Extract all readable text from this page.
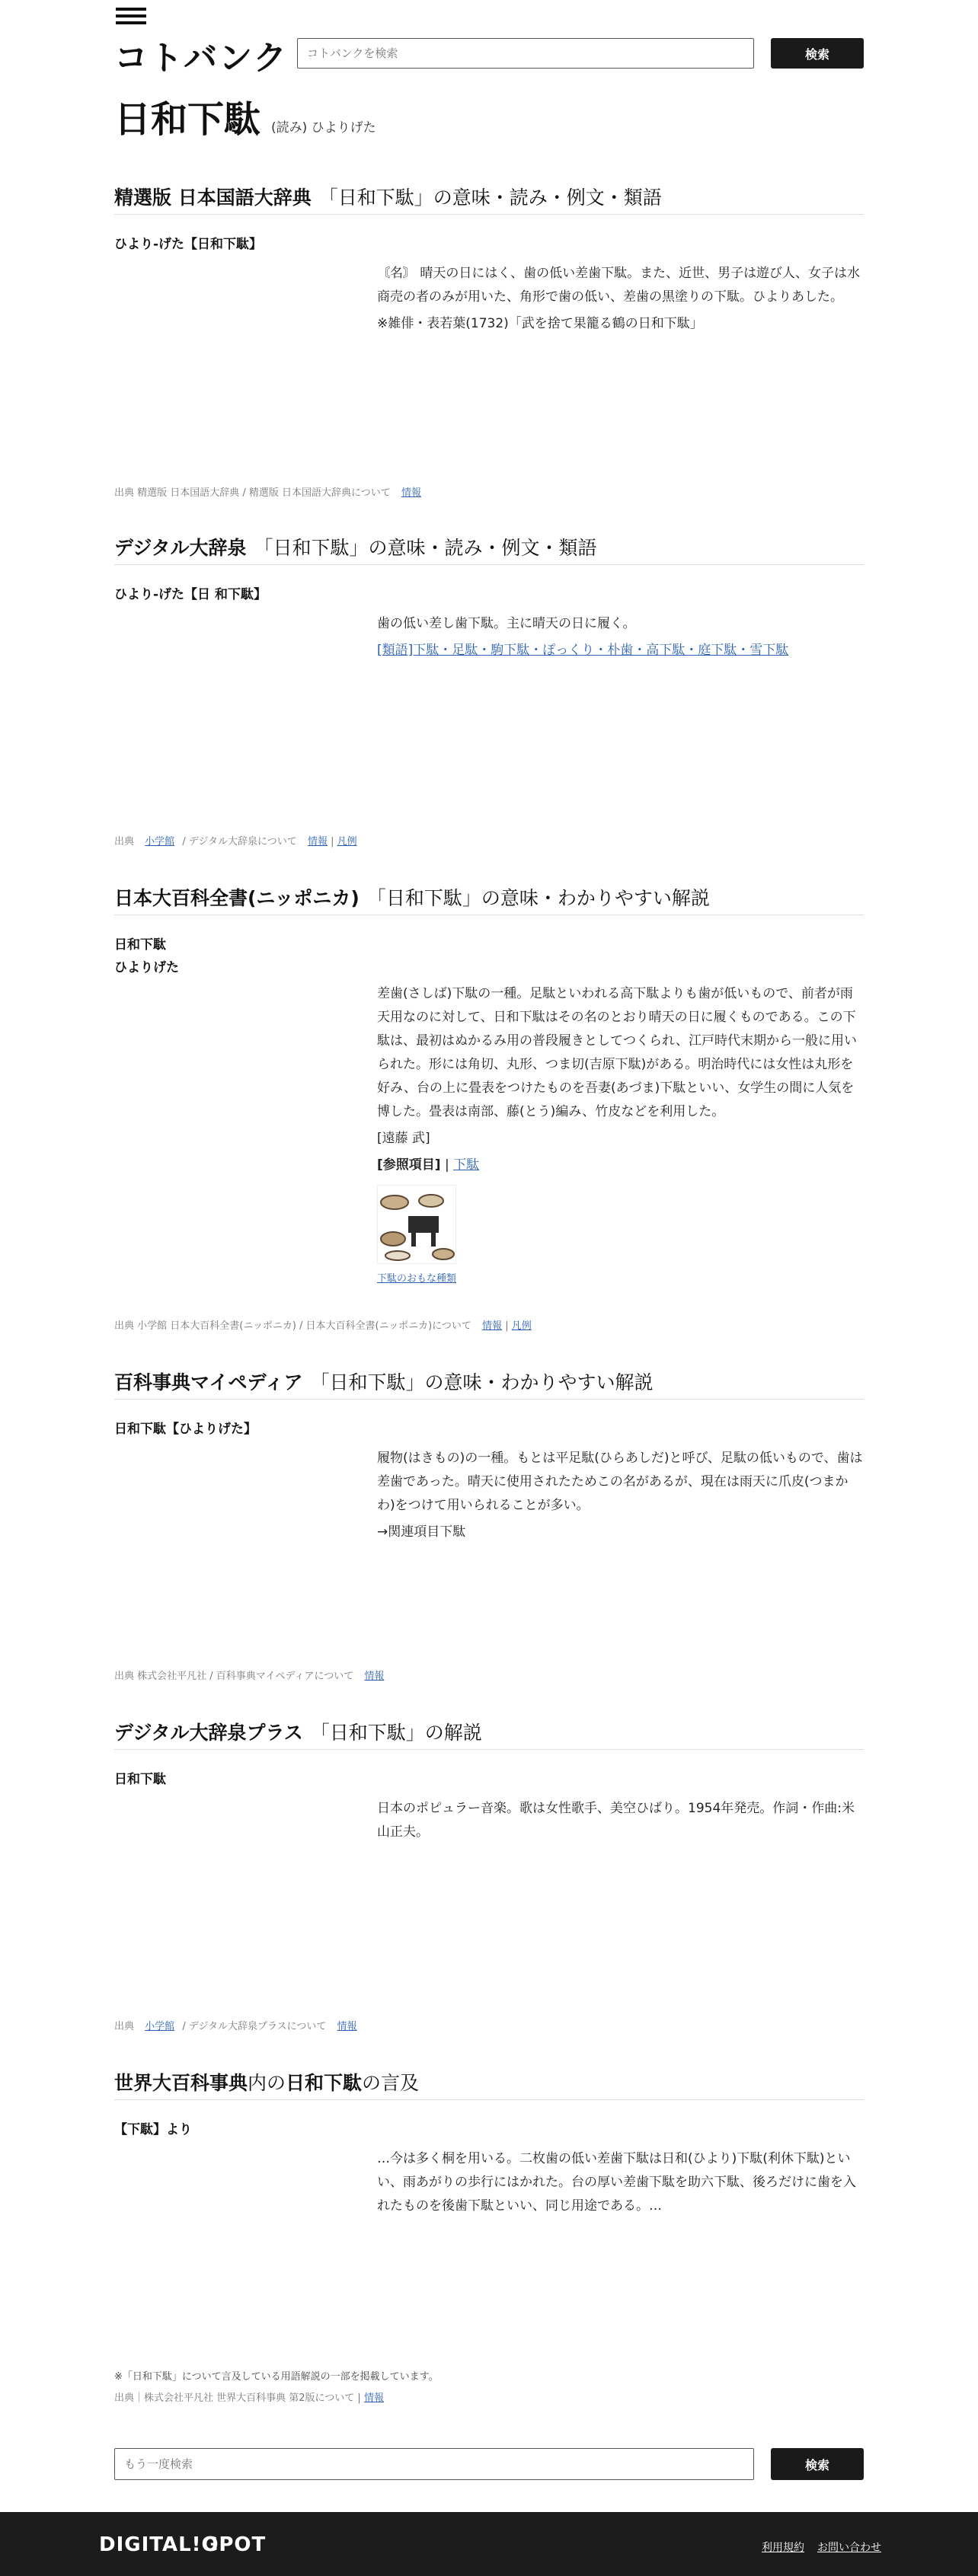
コトバンク
コトバンクを検索	検索
日和下駄 (読み) ひよりげた
精選版 日本国語大辞典 「日和下駄」の意味・読み・例文・類語
ひより‐げた【日和下駄】

〘名〙 晴天の日にはく、歯の低い差歯下駄。また、近世、男子は遊び人、女子は水商売の者のみが用いた、角形で歯の低い、差歯の黒塗りの下駄。ひよりあした。

※雑俳・表若葉(1732)「武を捨て果籠る鶴の日和下駄」

出典 精選版 日本国語大辞典 / 精選版 日本国語大辞典について 情報
デジタル大辞泉 「日和下駄」の意味・読み・例文・類語
ひより‐げた【日 和下駄】

歯の低い差し歯下駄。主に晴天の日に履く。

[類語]下駄・足駄・駒下駄・ぽっくり・朴歯・高下駄・庭下駄・雪下駄

出典 小学館 / デジタル大辞泉について 情報 | 凡例
日本大百科全書(ニッポニカ) 「日和下駄」の意味・わかりやすい解説
日和下駄
ひよりげた

差歯(さしば)下駄の一種。足駄といわれる高下駄よりも歯が低いもので、前者が雨天用なのに対して、日和下駄はその名のとおり晴天の日に履くものである。この下駄は、最初はぬかるみ用の普段履きとしてつくられ、江戸時代末期から一般に用いられた。形には角切、丸形、つま切(吉原下駄)がある。明治時代には女性は丸形を好み、台の上に畳表をつけたものを吾妻(あづま)下駄といい、女学生の間に人気を博した。畳表は南部、藤(とう)編み、竹皮などを利用した。

[遠藤 武]

[参照項目] | 下駄

下駄のおもな種類
出典 小学館 日本大百科全書(ニッポニカ) / 日本大百科全書(ニッポニカ)について 情報 | 凡例
百科事典マイペディア 「日和下駄」の意味・わかりやすい解説
日和下駄【ひよりげた】

履物(はきもの)の一種。もとは平足駄(ひらあしだ)と呼び、足駄の低いもので、歯は差歯であった。晴天に使用されたためこの名があるが、現在は雨天に爪皮(つまかわ)をつけて用いられることが多い。

→関連項目下駄

出典 株式会社平凡社 / 百科事典マイペディアについて 情報
デジタル大辞泉プラス 「日和下駄」の解説
日和下駄

日本のポピュラー音楽。歌は女性歌手、美空ひばり。1954年発売。作詞・作曲:米山正夫。

出典 小学館 / デジタル大辞泉プラスについて 情報
世界大百科事典 内の 日和下駄 の言及
【下駄】より

…今は多く桐を用いる。二枚歯の低い差歯下駄は日和(ひより)下駄(利休下駄)といい、雨あがりの歩行にはかれた。台の厚い差歯下駄を助六下駄、後ろだけに歯を入れたものを後歯下駄といい、同じ用途である。…

※「日和下駄」について言及している用語解説の一部を掲載しています。
出典｜株式会社平凡社 世界大百科事典 第2版について | 情報
もう一度検索
検索
DIGITAL!O
GPOT	利用規約 お問い合わせ
